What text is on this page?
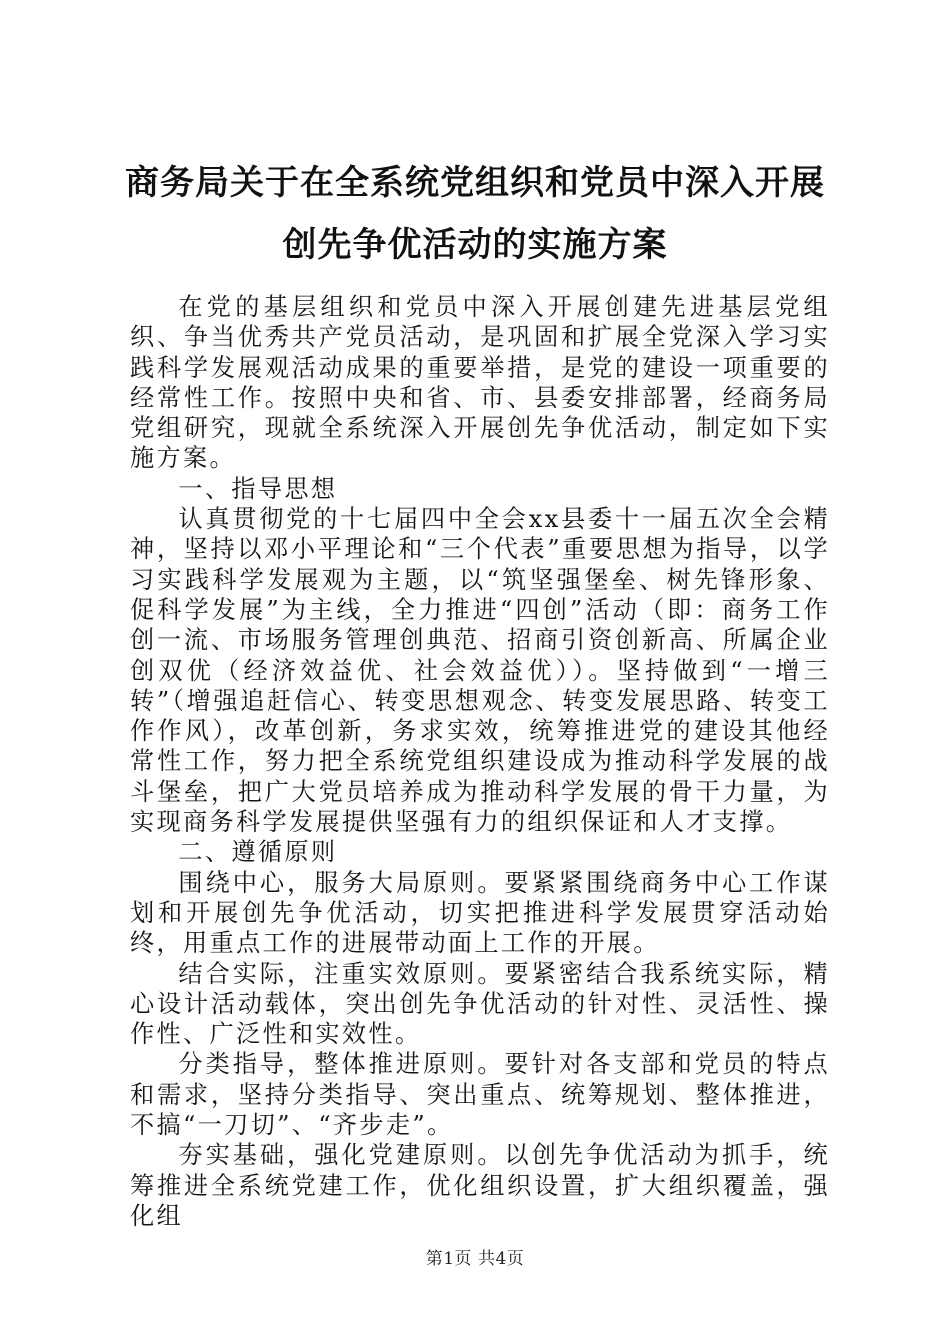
商务局关于在全系统党组织和党员中深入开展
创先争优活动的实施方案

在党的基层组织和党员中深入开展创建先进基层党组织、争当优秀共产党员活动，是巩固和扩展全党深入学习实践科学发展观活动成果的重要举措，是党的建设一项重要的经常性工作。按照中央和省、市、县委安排部署，经商务局党组研究，现就全系统深入开展创先争优活动，制定如下实施方案。

一、指导思想

认真贯彻党的十七届四中全会xx县委十一届五次全会精神，坚持以邓小平理论和“三个代表”重要思想为指导，以学习实践科学发展观为主题，以“筑坚强堡垒、树先锋形象、促科学发展”为主线，全力推进“四创”活动（即：商务工作创一流、市场服务管理创典范、招商引资创新高、所属企业创双优（经济效益优、社会效益优））。坚持做到“一增三转”（增强追赶信心、转变思想观念、转变发展思路、转变工作作风），改革创新，务求实效，统筹推进党的建设其他经常性工作，努力把全系统党组织建设成为推动科学发展的战斗堡垒，把广大党员培养成为推动科学发展的骨干力量，为实现商务科学发展提供坚强有力的组织保证和人才支撑。

二、遵循原则

围绕中心，服务大局原则。要紧紧围绕商务中心工作谋划和开展创先争优活动，切实把推进科学发展贯穿活动始终，用重点工作的进展带动面上工作的开展。

结合实际，注重实效原则。要紧密结合我系统实际，精心设计活动载体，突出创先争优活动的针对性、灵活性、操作性、广泛性和实效性。

分类指导，整体推进原则。要针对各支部和党员的特点和需求，坚持分类指导、突出重点、统筹规划、整体推进，不搞“一刀切”、“齐步走”。

夯实基础，强化党建原则。以创先争优活动为抓手，统筹推进全系统党建工作，优化组织设置，扩大组织覆盖，强化组

第1页 共4页
